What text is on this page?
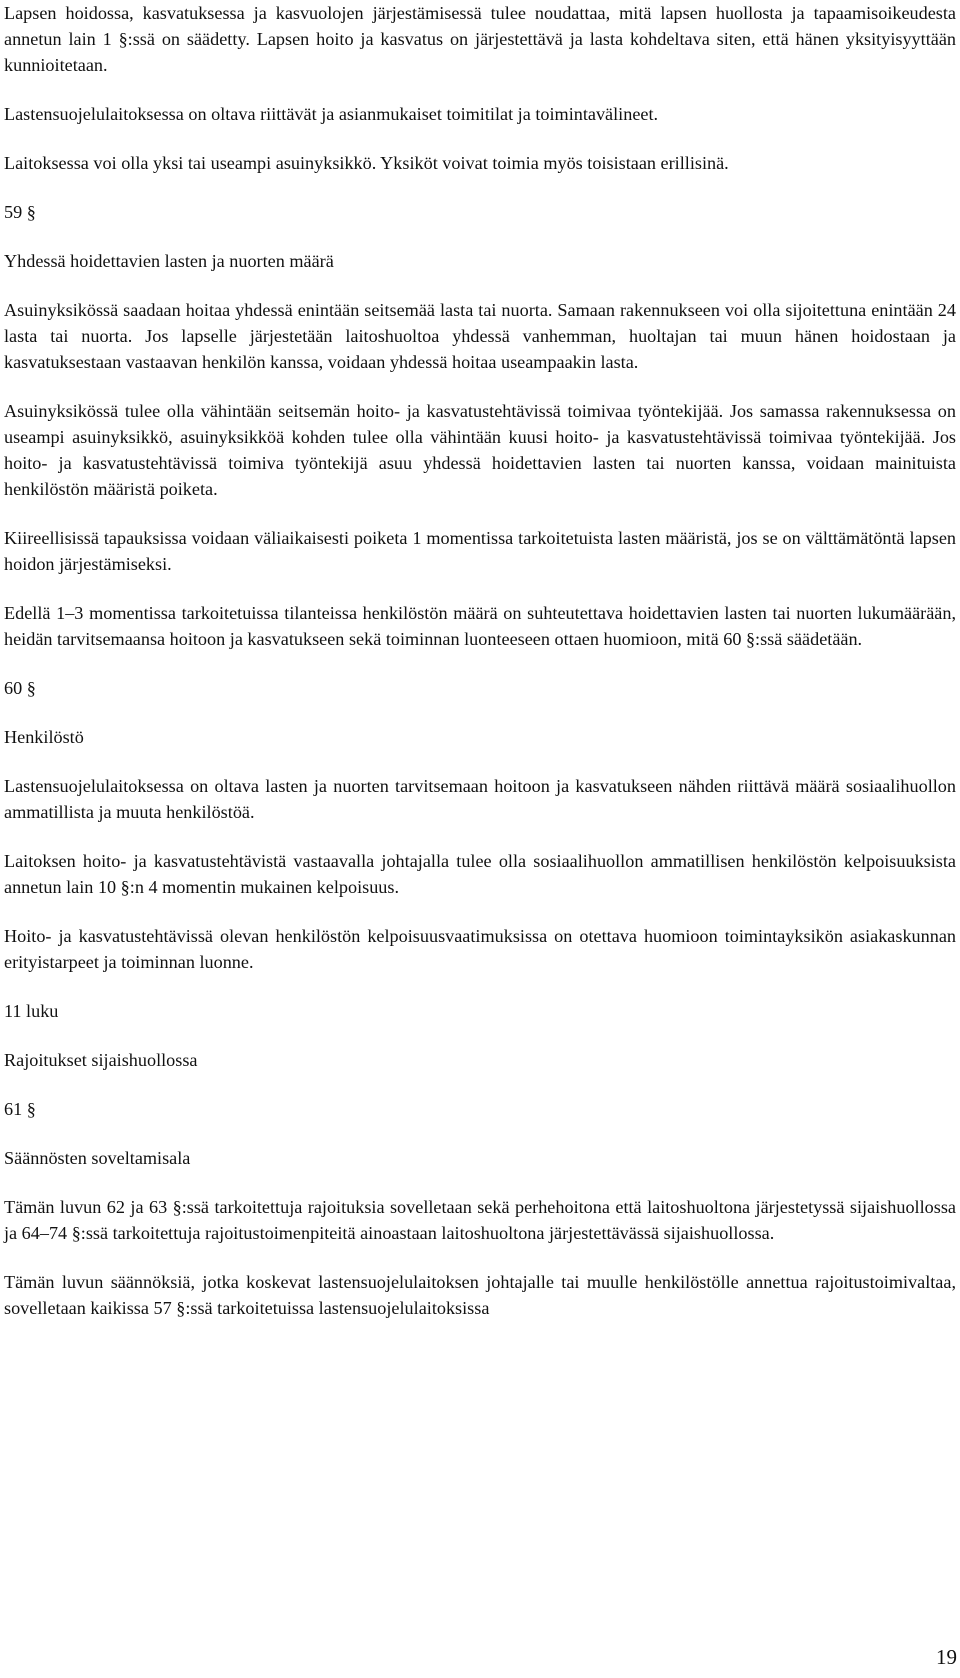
Lapsen hoidossa, kasvatuksessa ja kasvuolojen järjestämisessä tulee noudattaa, mitä lapsen huollosta ja tapaamisoikeudesta annetun lain 1 §:ssä on säädetty. Lapsen hoito ja kasvatus on järjestettävä ja lasta kohdeltava siten, että hänen yksityisyyttään kunnioitetaan.

Lastensuojelulaitoksessa on oltava riittävät ja asianmukaiset toimitilat ja toimintavälineet.

Laitoksessa voi olla yksi tai useampi asuinyksikkö. Yksiköt voivat toimia myös toisistaan erillisinä.

59 §

Yhdessä hoidettavien lasten ja nuorten määrä

Asuinyksikössä saadaan hoitaa yhdessä enintään seitsemää lasta tai nuorta. Samaan rakennukseen voi olla sijoitettuna enintään 24 lasta tai nuorta. Jos lapselle järjestetään laitoshuoltoa yhdessä vanhemman, huoltajan tai muun hänen hoidostaan ja kasvatuksestaan vastaavan henkilön kanssa, voidaan yhdessä hoitaa useampaakin lasta.

Asuinyksikössä tulee olla vähintään seitsemän hoito- ja kasvatustehtävissä toimivaa työntekijää. Jos samassa rakennuksessa on useampi asuinyksikkö, asuinyksikköä kohden tulee olla vähintään kuusi hoito- ja kasvatustehtävissä toimivaa työntekijää. Jos hoito- ja kasvatustehtävissä toimiva työntekijä asuu yhdessä hoidettavien lasten tai nuorten kanssa, voidaan mainituista henkilöstön määristä poiketa.

Kiireellisissä tapauksissa voidaan väliaikaisesti poiketa 1 momentissa tarkoitetuista lasten määristä, jos se on välttämätöntä lapsen hoidon järjestämiseksi.

Edellä 1–3 momentissa tarkoitetuissa tilanteissa henkilöstön määrä on suhteutettava hoidettavien lasten tai nuorten lukumäärään, heidän tarvitsemaansa hoitoon ja kasvatukseen sekä toiminnan luonteeseen ottaen huomioon, mitä 60 §:ssä säädetään.

60 §

Henkilöstö

Lastensuojelulaitoksessa on oltava lasten ja nuorten tarvitsemaan hoitoon ja kasvatukseen nähden riittävä määrä sosiaalihuollon ammatillista ja muuta henkilöstöä.

Laitoksen hoito- ja kasvatustehtävistä vastaavalla johtajalla tulee olla sosiaalihuollon ammatillisen henkilöstön kelpoisuuksista annetun lain 10 §:n 4 momentin mukainen kelpoisuus.

Hoito- ja kasvatustehtävissä olevan henkilöstön kelpoisuusvaatimuksissa on otettava huomioon toimintayksikön asiakaskunnan erityistarpeet ja toiminnan luonne.

11 luku

Rajoitukset sijaishuollossa

61 §

Säännösten soveltamisala

Tämän luvun 62 ja 63 §:ssä tarkoitettuja rajoituksia sovelletaan sekä perhehoitona että laitoshuoltona järjestetyssä sijaishuollossa ja 64–74 §:ssä tarkoitettuja rajoitustoimenpiteitä ainoastaan laitoshuoltona järjestettävässä sijaishuollossa.

Tämän luvun säännöksiä, jotka koskevat lastensuojelulaitoksen johtajalle tai muulle henkilöstölle annettua rajoitustoimivaltaa, sovelletaan kaikissa 57 §:ssä tarkoitetuissa lastensuojelulaitoksissa

19
